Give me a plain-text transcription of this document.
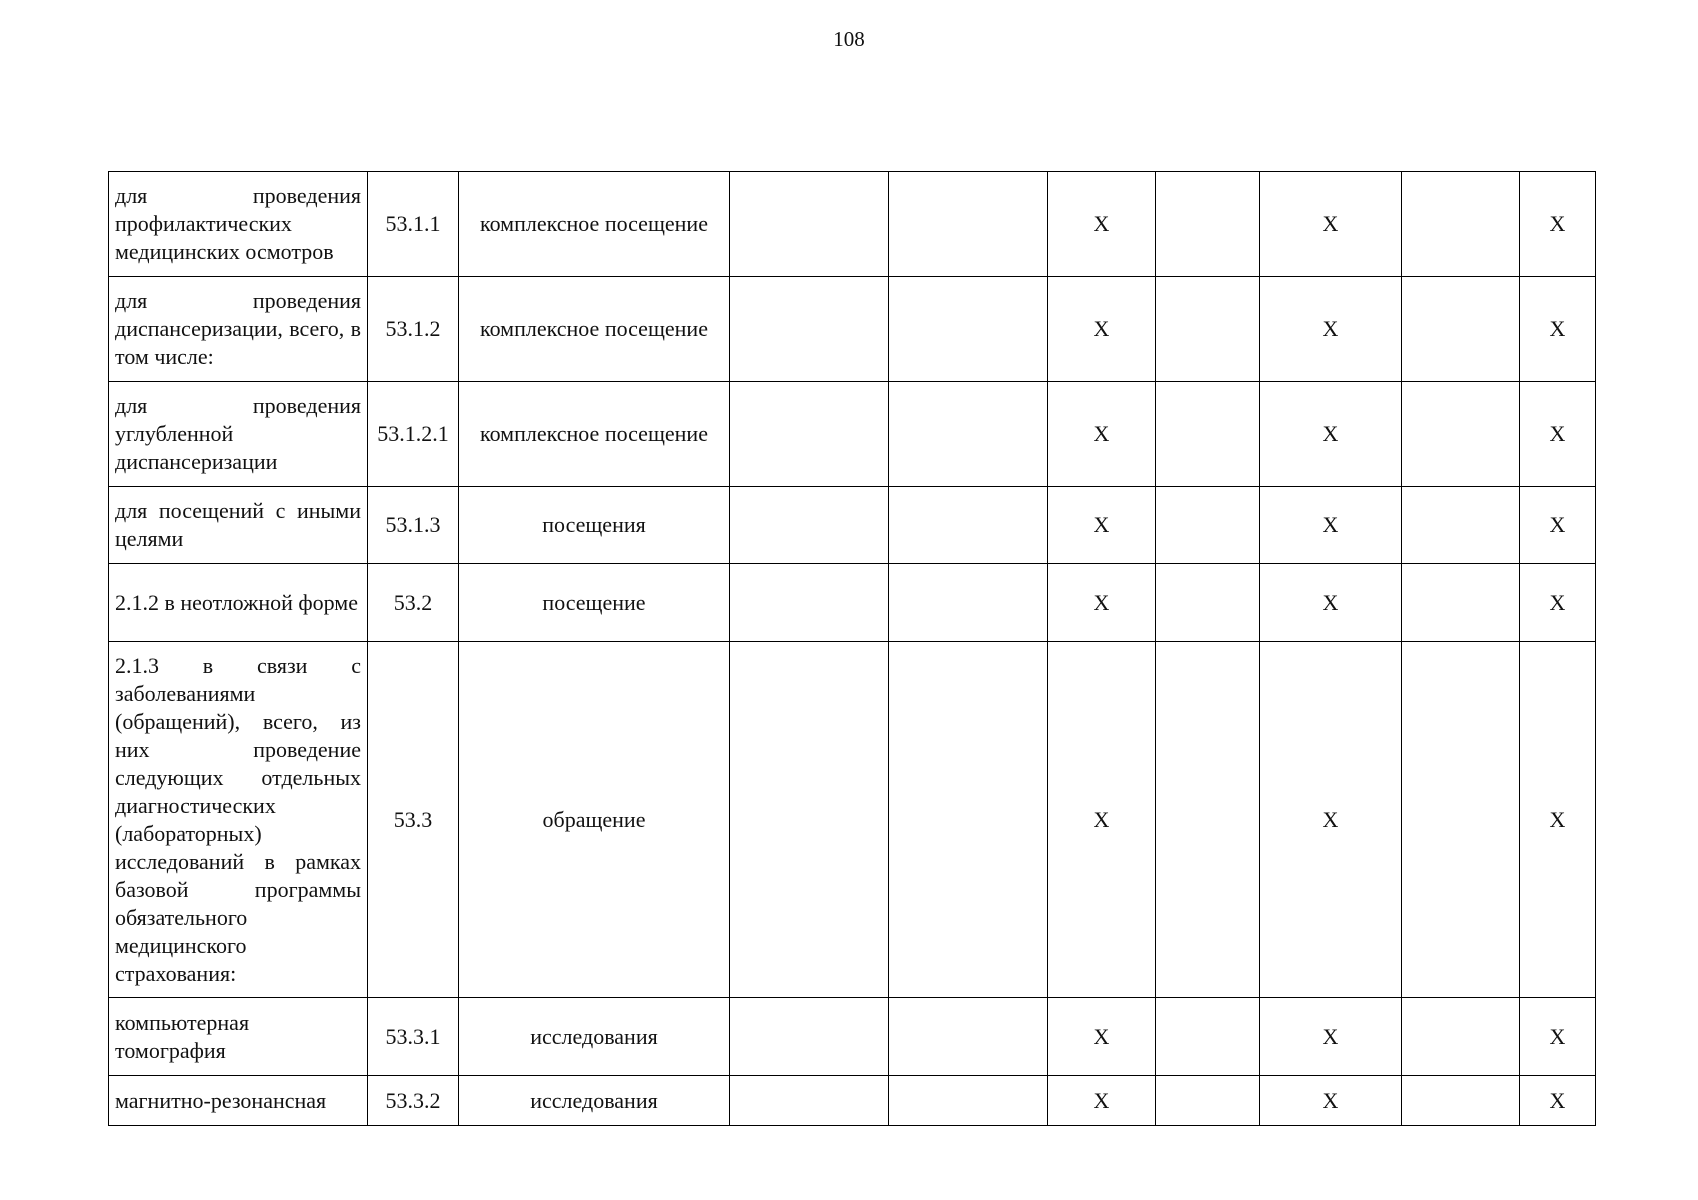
108
для проведения профилактических медицинских осмотров	53.1.1	комплексное посещение			X		X		X
для проведения диспансеризации, всего, в том числе:	53.1.2	комплексное посещение			X		X		X
для проведения углубленной диспансеризации	53.1.2.1	комплексное посещение			X		X		X
для посещений с иными целями	53.1.3	посещения			X		X		X
2.1.2 в неотложной форме	53.2	посещение			X		X		X
2.1.3 в связи с заболеваниями (обращений), всего, из них проведение следующих отдельных диагностических (лабораторных) исследований в рамках базовой программы обязательного медицинского страхования:	53.3	обращение			X		X		X
компьютерная томография	53.3.1	исследования			X		X		X
магнитно-резонансная	53.3.2	исследования			X		X		X
